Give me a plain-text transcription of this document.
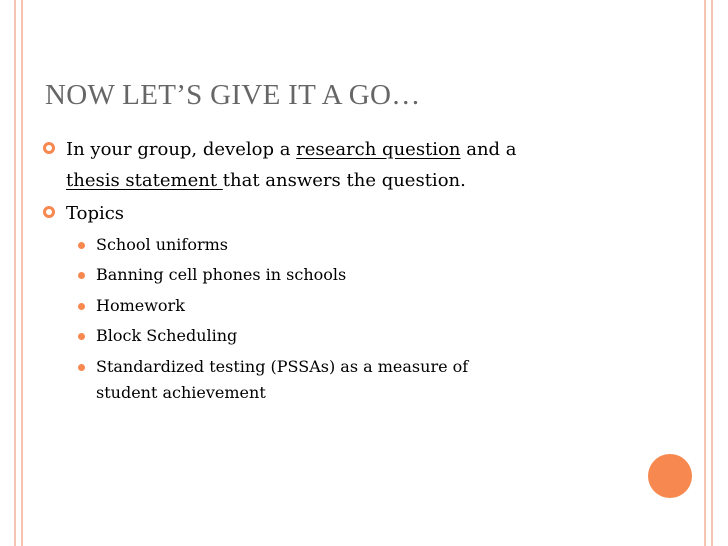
NOW LET’S GIVE IT A GO…
In your group, develop a research question and a
thesis statement that answers the question.
Topics
School uniforms
Banning cell phones in schools
Homework
Block Scheduling
Standardized testing (PSSAs) as a measure of
student achievement
